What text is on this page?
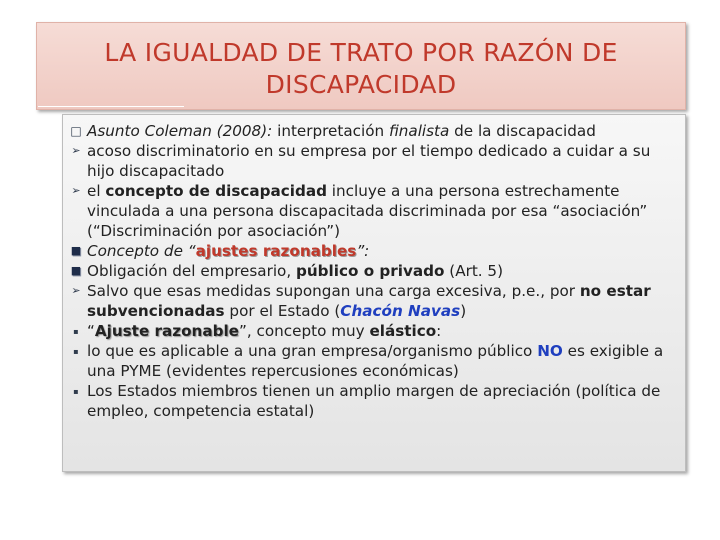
LA IGUALDAD DE TRATO POR RAZÓN DE
DISCAPACIDAD
□ Asunto Coleman (2008): interpretación finalista de la discapacidad
➢ acoso discriminatorio en su empresa por el tiempo dedicado a cuidar a su hijo discapacitado
➢ el concepto de discapacidad incluye a una persona estrechamente vinculada a una persona discapacitada discriminada por esa “asociación” (“Discriminación por asociación”)
■ Concepto de “ajustes razonables”:
■ Obligación del empresario, público o privado (Art. 5)
➢ Salvo que esas medidas supongan una carga excesiva, p.e., por no estar subvencionadas por el Estado (Chacón Navas)
▪ “Ajuste razonable”, concepto muy elástico:
▪ lo que es aplicable a una gran empresa/organismo público NO es exigible a una PYME (evidentes repercusiones económicas)
▪ Los Estados miembros tienen un amplio margen de apreciación (política de empleo, competencia estatal)
